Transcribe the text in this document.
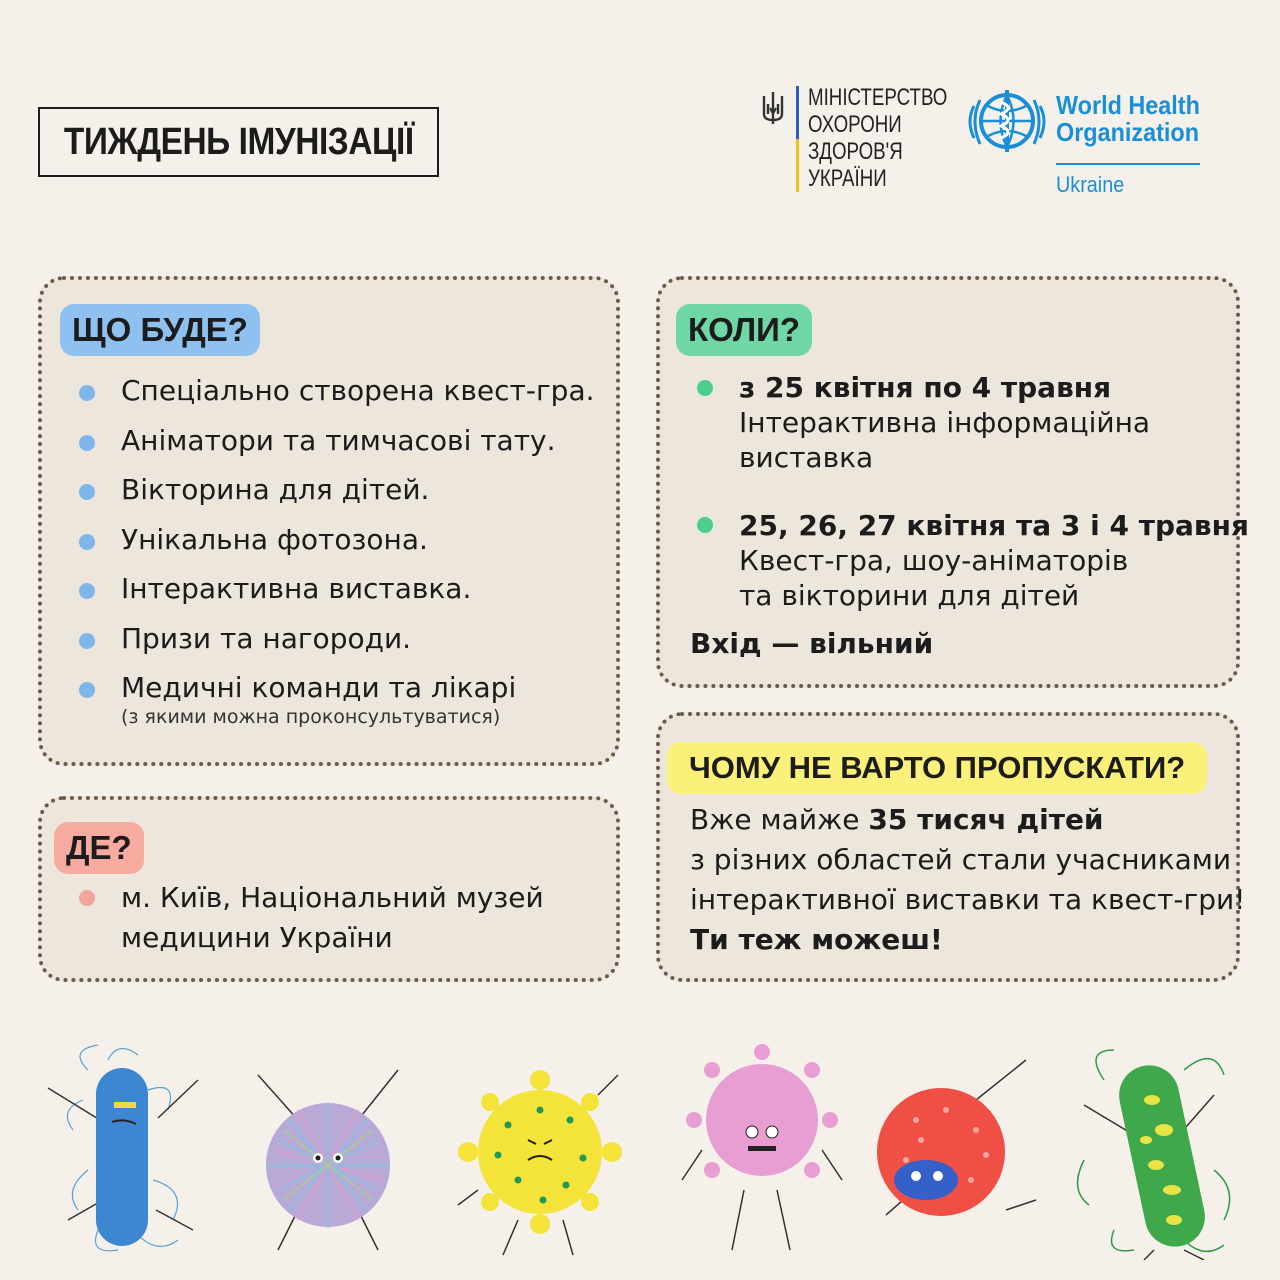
ТИЖДЕНЬ ІМУНІЗАЦІЇ
МІНІСТЕРСТВО
ОХОРОНИ
ЗДОРОВ'Я
УКРАЇНИ
World Health
Organization
Ukraine
ЩО БУДЕ?
Спеціально створена квест-гра.
Аніматори та тимчасові тату.
Вікторина для дітей.
Унікальна фотозона.
Інтерактивна виставка.
Призи та нагороди.
Медичні команди та лікарі
(з якими можна проконсультуватися)
ДЕ?
м. Київ, Національний музей
медицини України
КОЛИ?
з 25 квітня по 4 травня
Інтерактивна інформаційна
виставка
25, 26, 27 квітня та 3 і 4 травня
Квест-гра, шоу-аніматорів
та вікторини для дітей
Вхід — вільний
ЧОМУ НЕ ВАРТО ПРОПУСКАТИ?
Вже майже 35 тисяч дітей
з різних областей стали учасниками
інтерактивної виставки та квест-гри!
Ти теж можеш!
